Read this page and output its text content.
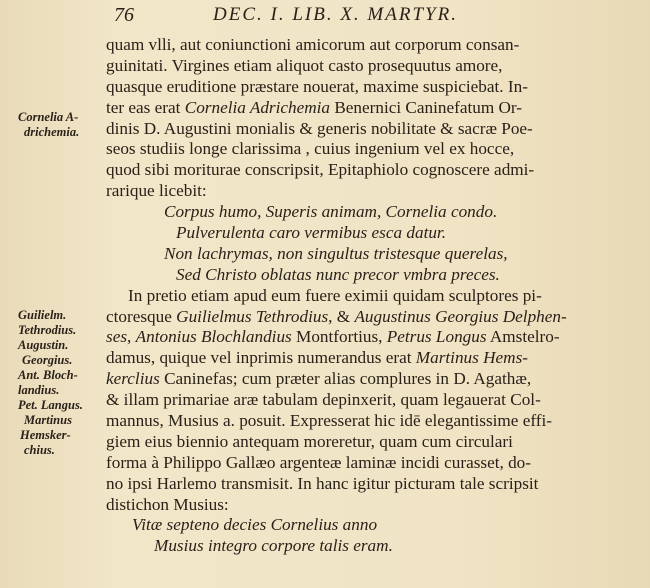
76	DEC. I. LIB. X. MARTYR.
Cornelia A-
drichemia.
Guilielm.
Tethrodius.
Augustin.
Georgius.
Ant. Bloch-
landius.
Pet. Langus.
Martinus
Hemsker-
chius.
quam vlli, aut coniunctioni amicorum aut corporum consan-
guinitati. Virgines etiam aliquot casto prosequutus amore,
quasque eruditione præstare nouerat, maxime suspiciebat. In-
ter eas erat Cornelia Adrichemia Benernici Caninefatum Or-
dinis D. Augustini monialis & generis nobilitate & sacræ Poe-
seos studiis longe clarissima , cuius ingenium vel ex hocce,
quod sibi moriturae conscripsit, Epitaphiolo cognoscere admi-
rarique licebit:
Corpus humo, Superis animam, Cornelia condo.
Pulverulenta caro vermibus esca datur.
Non lachrymas, non singultus tristesque querelas,
Sed Christo oblatas nunc precor vmbra preces.
In pretio etiam apud eum fuere eximii quidam sculptores pi-
ctoresque Guilielmus Tethrodius, & Augustinus Georgius Delphen-
ses, Antonius Blochlandius Montfortius, Petrus Longus Amstelro-
damus, quique vel inprimis numerandus erat Martinus Hems-
kerclius Caninefas; cum præter alias complures in D. Agathæ,
& illam primariae aræ tabulam depinxerit, quam legauerat Col-
mannus, Musius a. posuit. Expresserat hic idē elegantissime effi-
giem eius biennio antequam moreretur, quam cum circulari
forma à Philippo Gallæo argenteæ laminæ incidi curasset, do-
no ipsi Harlemo transmisit. In hanc igitur picturam tale scripsit
distichon Musius:
Vitæ septeno decies Cornelius anno
Musius integro corpore talis eram.
